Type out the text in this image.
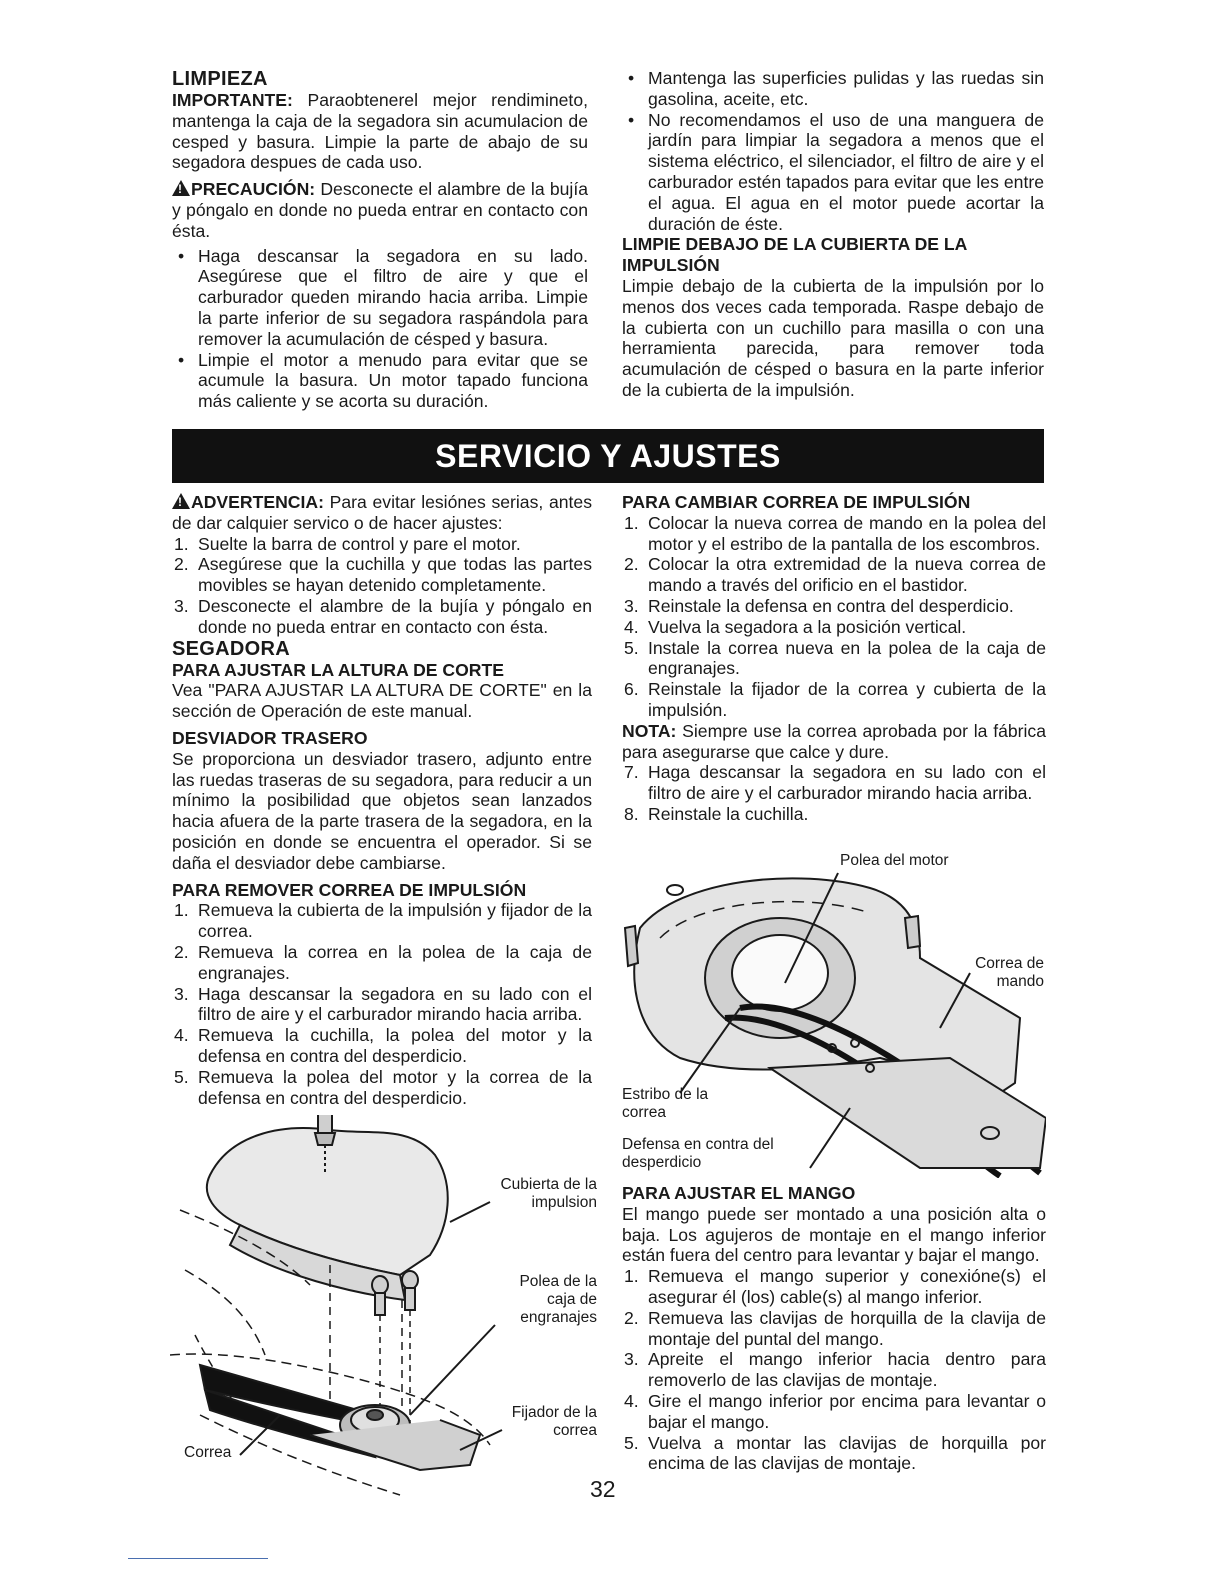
LIMPIEZA

IMPORTANTE: Paraobtenerel mejor rendimineto, mantenga la caja de la segadora sin acumulacion de cesped y basura. Limpie la parte de abajo de su segadora despues de cada uso.

!PRECAUCIÓN: Desconecte el alambre de la bujía y póngalo en donde no pueda entrar en contacto con ésta.

• Haga descansar la segadora en su lado. Asegúrese que el filtro de aire y que el carburador queden mirando hacia arriba. Limpie la parte inferior de su segadora raspándola para remover la acumulación de césped y basura.
• Limpie el motor a menudo para evitar que se acumule la basura. Un motor tapado funciona más caliente y se acorta su duración.
• Mantenga las superficies pulidas y las ruedas sin gasolina, aceite, etc.
• No recomendamos el uso de una manguera de jardín para limpiar la segadora a menos que el sistema eléctrico, el silenciador, el filtro de aire y el carburador estén tapados para evitar que les entre el agua. El agua en el motor puede acortar la duración de éste.
LIMPIE DEBAJO DE LA CUBIERTA DE LA IMPULSIÓN

Limpie debajo de la cubierta de la impulsión por lo menos dos veces cada temporada. Raspe debajo de la cubierta con un cuchillo para masilla o con una herramienta parecida, para remover toda acumulación de césped o basura en la parte inferior de la cubierta de la impulsión.

SERVICIO Y AJUSTES

!ADVERTENCIA: Para evitar lesiónes serias, antes de dar calquier servico o de hacer ajustes:

1. Suelte la barra de control y pare el motor.
2. Asegúrese que la cuchilla y que todas las partes movibles se hayan detenido completamente.
3. Desconecte el alambre de la bujía y póngalo en donde no pueda entrar en contacto con ésta.
SEGADORA
PARA AJUSTAR LA ALTURA DE CORTE

Vea "PARA AJUSTAR LA ALTURA DE CORTE" en la sección de Operación de este manual.

DESVIADOR TRASERO

Se proporciona un desviador trasero, adjunto entre las ruedas traseras de su segadora, para reducir a un mínimo la posibilidad que objetos sean lanzados hacia afuera de la parte trasera de la segadora, en la posición en donde se encuentra el operador. Si se daña el desviador debe cambiarse.

PARA REMOVER CORREA DE IMPULSIÓN
1. Remueva la cubierta de la impulsión y fijador de la correa.
2. Remueva la correa en la polea de la caja de engranajes.
3. Haga descansar la segadora en su lado con el filtro de aire y el carburador mirando hacia arriba.
4. Remueva la cuchilla, la polea del motor y la defensa en contra del desperdicio.
5. Remueva la polea del motor y la correa de la defensa en contra del desperdicio.
Cubierta de la impulsion
Polea de la caja de engranajes
Fijador de la correa
Correa
PARA CAMBIAR CORREA DE IMPULSIÓN
1. Colocar la nueva correa de mando en la polea del motor y el estribo de la pantalla de los escombros.
2. Colocar la otra extremidad de la nueva correa de mando a través del orificio en el bastidor.
3. Reinstale la defensa en contra del desperdicio.
4. Vuelva la segadora a la posición vertical.
5. Instale la correa nueva en la polea de la caja de engranajes.
6. Reinstale la fijador de la correa y cubierta de la impulsión.

NOTA: Siempre use la correa aprobada por la fábrica para asegurarse que calce y dure.

7. Haga descansar la segadora en su lado con el filtro de aire y el carburador mirando hacia arriba.
8. Reinstale la cuchilla.
Polea del motor
Correa de mando
Estribo de la correa
Defensa en contra del desperdicio
PARA AJUSTAR EL MANGO

El mango puede ser montado a una posición alta o baja. Los agujeros de montaje en el mango inferior están fuera del centro para levantar y bajar el mango.

1. Remueva el mango superior y conexióne(s) el asegurar él (los) cable(s) al mango inferior.
2. Remueva las clavijas de horquilla de la clavija de montaje del puntal del mango.
3. Apreite el mango inferior hacia dentro para removerlo de las clavijas de montaje.
4. Gire el mango inferior por encima para levantar o bajar el mango.
5. Vuelva a montar las clavijas de horquilla por encima de las clavijas de montaje.
32
